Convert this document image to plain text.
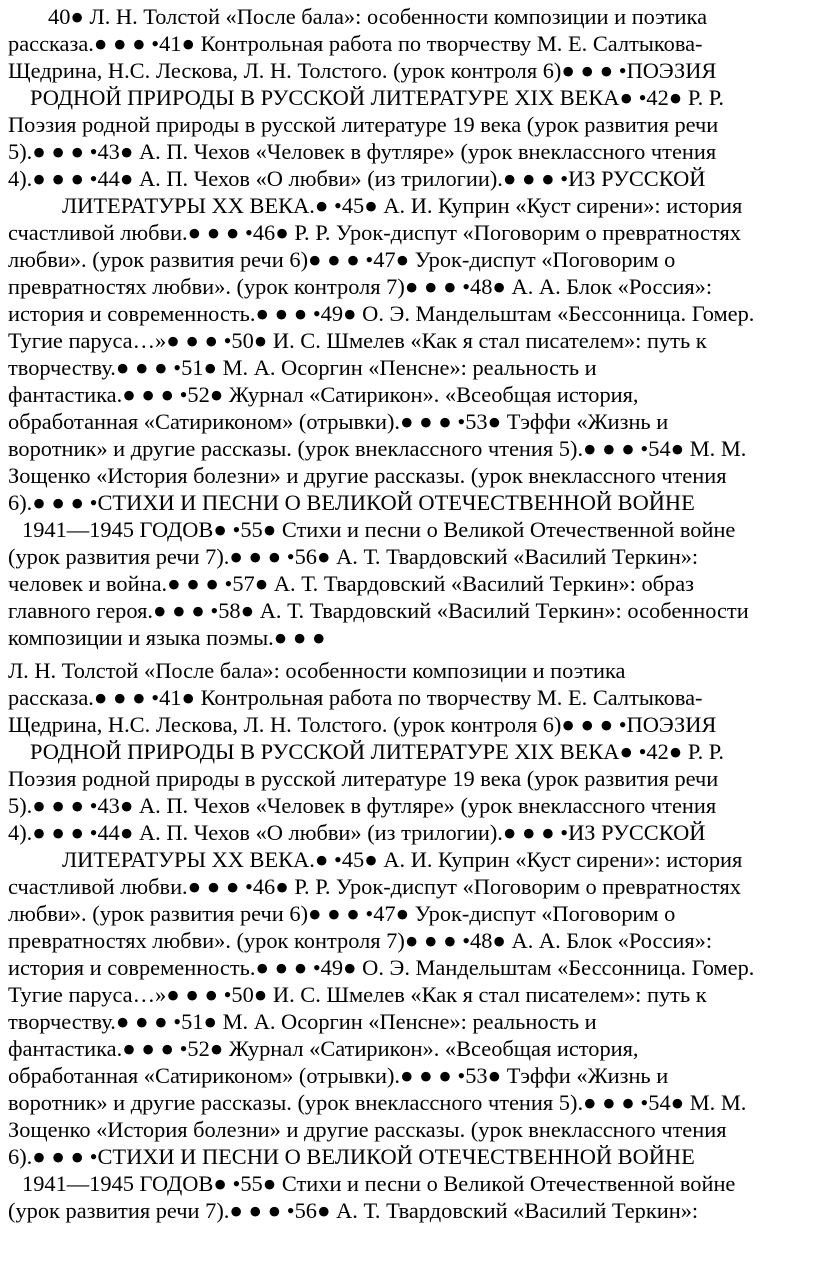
40● Л. Н. Толстой «После бала»: особенности композиции и поэтика

рассказа.● ● ● •41● Контрольная работа по творчеству М. Е. Салтыкова-

Щедрина, Н.С. Лескова, Л. Н. Толстого. (урок контроля 6)● ● ● •ПОЭЗИЯ

РОДНОЙ ПРИРОДЫ В РУССКОЙ ЛИТЕРАТУРЕ XIX ВЕКА● •42● Р. Р.

Поэзия родной природы в русской литературе 19 века (урок развития речи

5).● ● ● •43● А. П. Чехов «Человек в футляре» (урок внеклассного чтения

4).● ● ● •44● А. П. Чехов «О любви» (из трилогии).● ● ● •ИЗ РУССКОЙ

ЛИТЕРАТУРЫ XX ВЕКА.● •45● А. И. Куприн «Куст сирени»: история

счастливой любви.● ● ● •46● Р. Р. Урок-диспут «Поговорим о превратностях

любви». (урок развития речи 6)● ● ● •47● Урок-диспут «Поговорим о

превратностях любви». (урок контроля 7)● ● ● •48● А. А. Блок «Россия»:

история и современность.● ● ● •49● О. Э. Мандельштам «Бессонница. Гомер.

Тугие паруса…»● ● ● •50● И. С. Шмелев «Как я стал писателем»: путь к

творчеству.● ● ● •51● М. А. Осоргин «Пенсне»: реальность и

фантастика.● ● ● •52● Журнал «Сатирикон». «Всеобщая история,

обработанная «Сатириконом» (отрывки).● ● ● •53● Тэффи «Жизнь и

воротник» и другие рассказы. (урок внеклассного чтения 5).● ● ● •54● М. М.

Зощенко «История болезни» и другие рассказы. (урок внеклассного чтения

6).● ● ● •СТИХИ И ПЕСНИ О ВЕЛИКОЙ ОТЕЧЕСТВЕННОЙ ВОЙНЕ

1941—1945 ГОДОВ● •55● Стихи и песни о Великой Отечественной войне

(урок развития речи 7).● ● ● •56● А. Т. Твардовский «Василий Теркин»:

человек и война.● ● ● •57● А. Т. Твардовский «Василий Теркин»: образ

главного героя.● ● ● •58● А. Т. Твардовский «Василий Теркин»: особенности

композиции и языка поэмы.● ● ●

Л. Н. Толстой «После бала»: особенности композиции и поэтика

рассказа.● ● ● •41● Контрольная работа по творчеству М. Е. Салтыкова-

Щедрина, Н.С. Лескова, Л. Н. Толстого. (урок контроля 6)● ● ● •ПОЭЗИЯ

РОДНОЙ ПРИРОДЫ В РУССКОЙ ЛИТЕРАТУРЕ XIX ВЕКА● •42● Р. Р.

Поэзия родной природы в русской литературе 19 века (урок развития речи

5).● ● ● •43● А. П. Чехов «Человек в футляре» (урок внеклассного чтения

4).● ● ● •44● А. П. Чехов «О любви» (из трилогии).● ● ● •ИЗ РУССКОЙ

ЛИТЕРАТУРЫ XX ВЕКА.● •45● А. И. Куприн «Куст сирени»: история

счастливой любви.● ● ● •46● Р. Р. Урок-диспут «Поговорим о превратностях

любви». (урок развития речи 6)● ● ● •47● Урок-диспут «Поговорим о

превратностях любви». (урок контроля 7)● ● ● •48● А. А. Блок «Россия»:

история и современность.● ● ● •49● О. Э. Мандельштам «Бессонница. Гомер.

Тугие паруса…»● ● ● •50● И. С. Шмелев «Как я стал писателем»: путь к

творчеству.● ● ● •51● М. А. Осоргин «Пенсне»: реальность и

фантастика.● ● ● •52● Журнал «Сатирикон». «Всеобщая история,

обработанная «Сатириконом» (отрывки).● ● ● •53● Тэффи «Жизнь и

воротник» и другие рассказы. (урок внеклассного чтения 5).● ● ● •54● М. М.

Зощенко «История болезни» и другие рассказы. (урок внеклассного чтения

6).● ● ● •СТИХИ И ПЕСНИ О ВЕЛИКОЙ ОТЕЧЕСТВЕННОЙ ВОЙНЕ

1941—1945 ГОДОВ● •55● Стихи и песни о Великой Отечественной войне

(урок развития речи 7).● ● ● •56● А. Т. Твардовский «Василий Теркин»:
